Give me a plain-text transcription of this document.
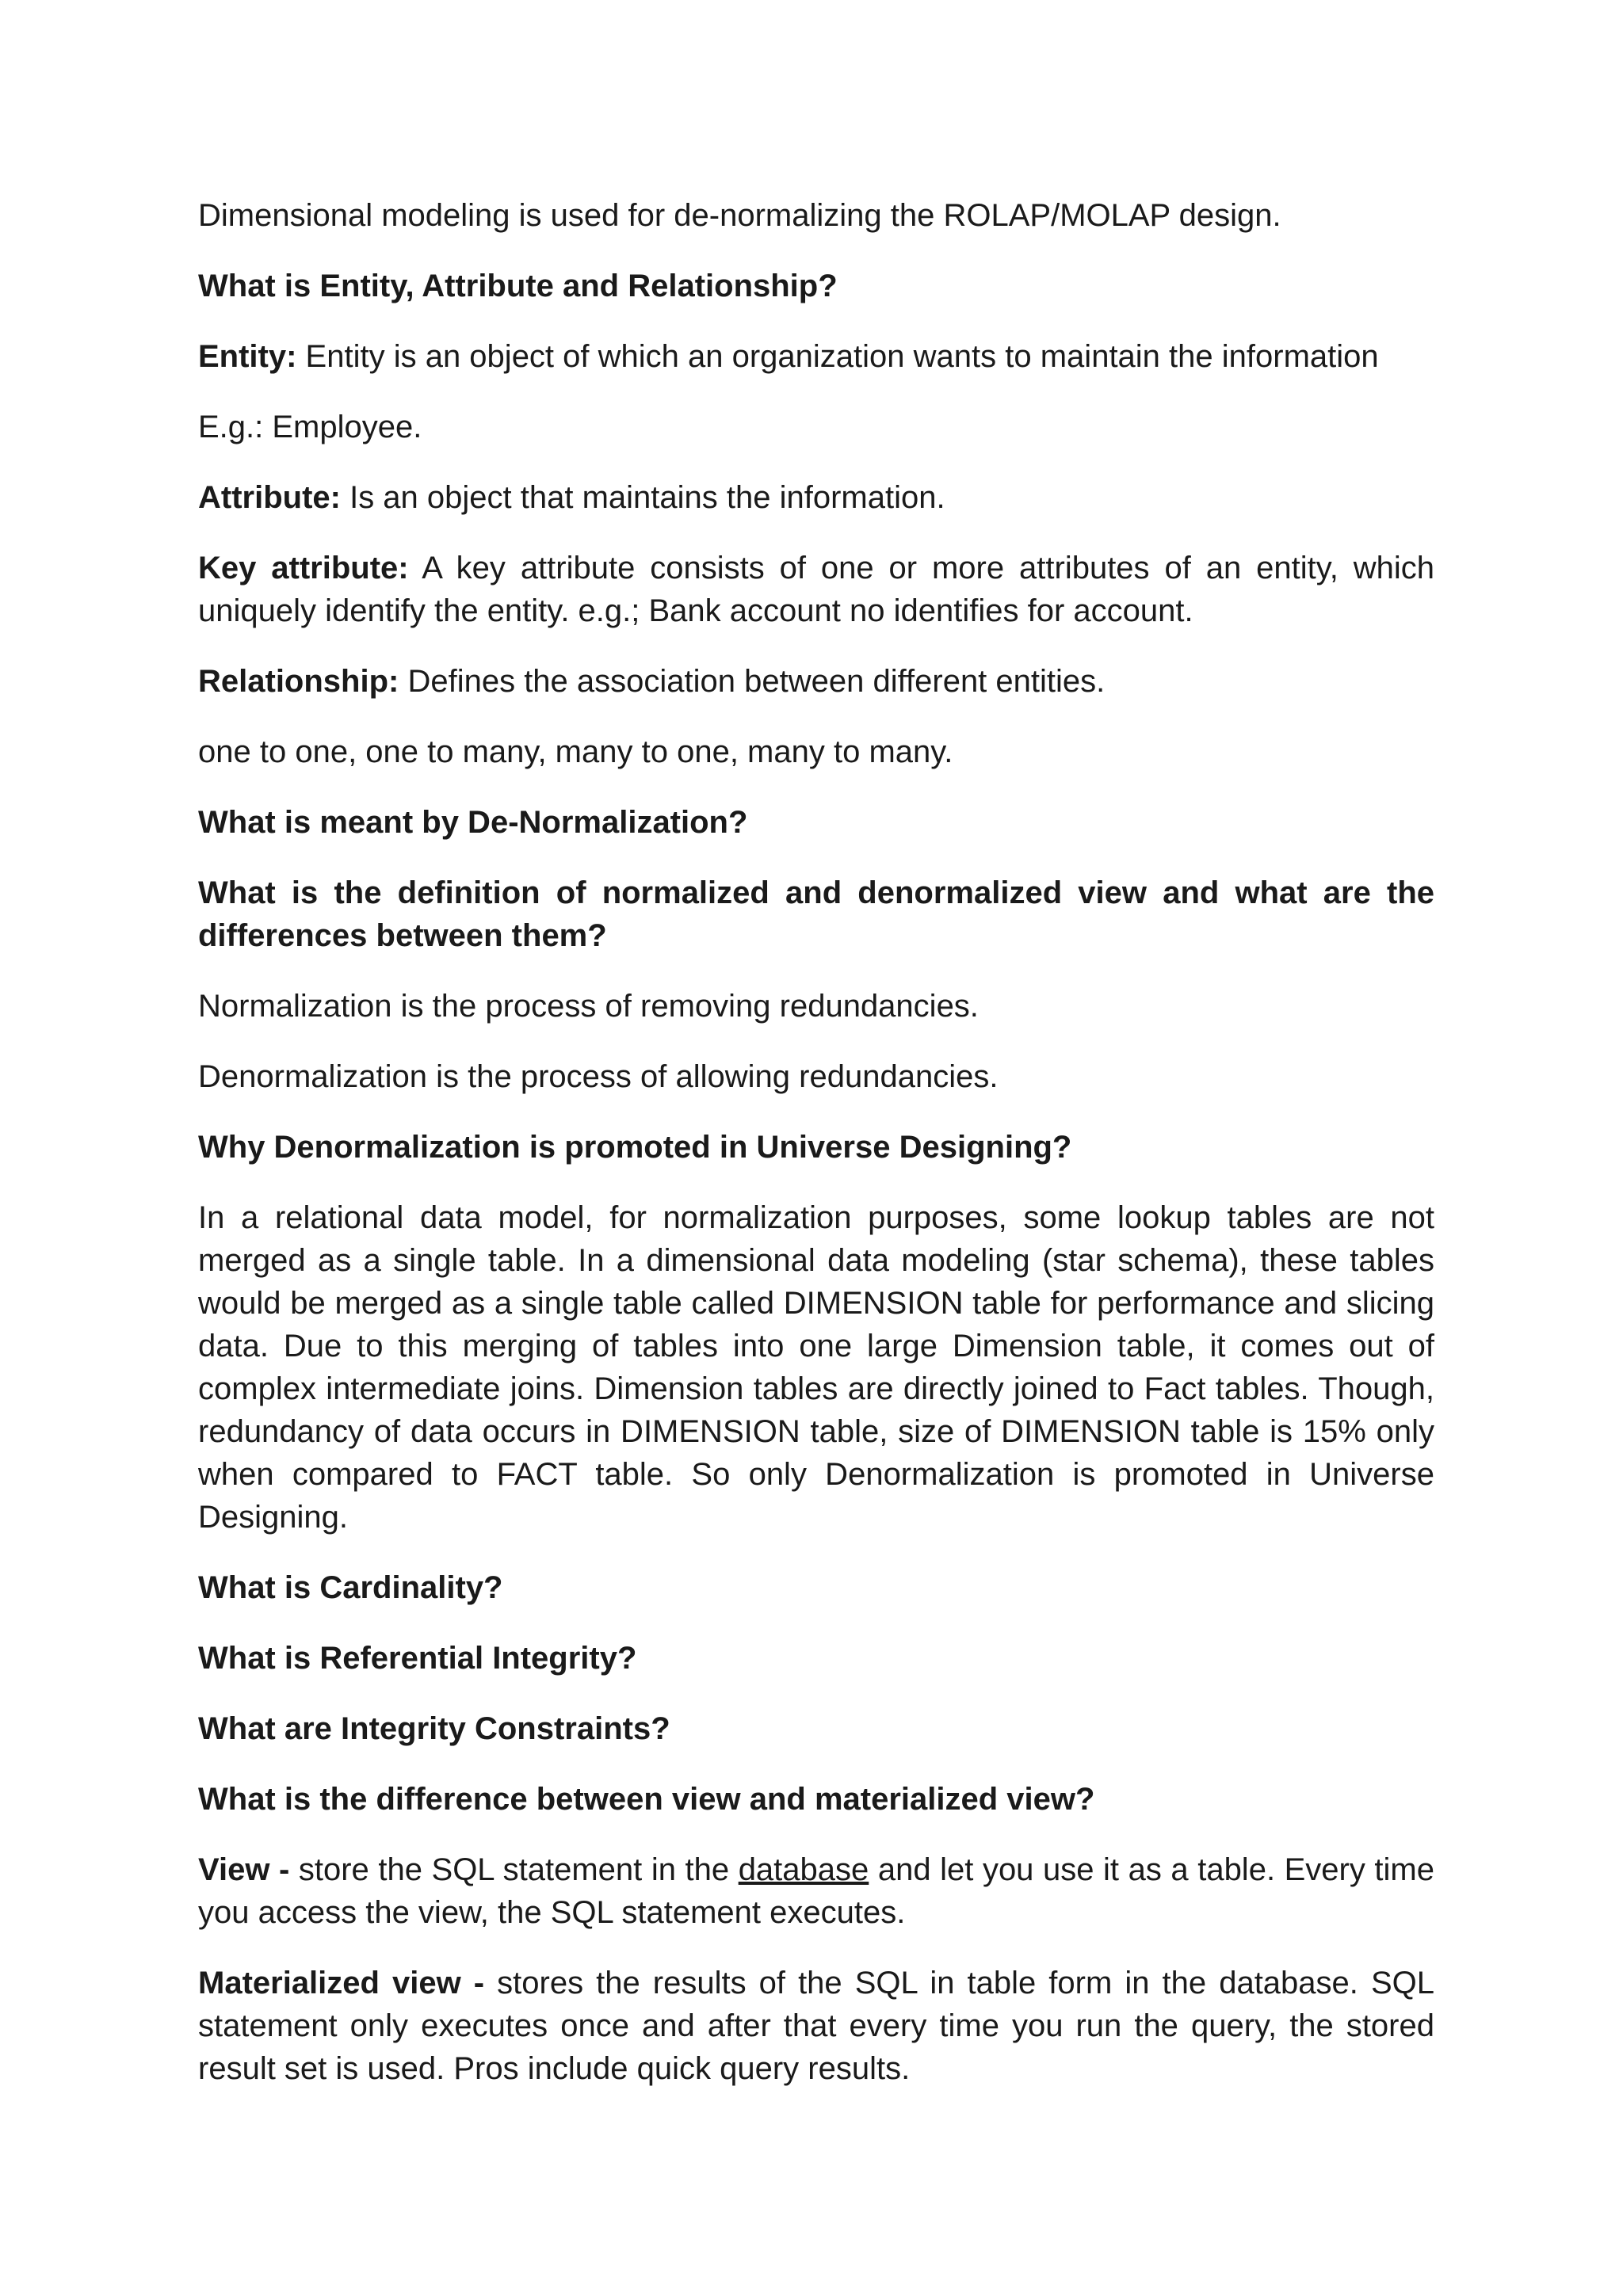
Dimensional modeling is used for de-normalizing the ROLAP/MOLAP design.

What is Entity, Attribute and Relationship?

Entity: Entity is an object of which an organization wants to maintain the information

E.g.: Employee.

Attribute: Is an object that maintains the information.

Key attribute: A key attribute consists of one or more attributes of an entity, which uniquely identify the entity. e.g.; Bank account no identifies for account.

Relationship: Defines the association between different entities.

one to one, one to many, many to one, many to many.

What is meant by De-Normalization?

What is the definition of normalized and denormalized view and what are the differences between them?

Normalization is the process of removing redundancies.

Denormalization is the process of allowing redundancies.

Why Denormalization is promoted in Universe Designing?

In a relational data model, for normalization purposes, some lookup tables are not merged as a single table. In a dimensional data modeling (star schema), these tables would be merged as a single table called DIMENSION table for performance and slicing data. Due to this merging of tables into one large Dimension table, it comes out of complex intermediate joins. Dimension tables are directly joined to Fact tables. Though, redundancy of data occurs in DIMENSION table, size of DIMENSION table is 15% only when compared to FACT table. So only Denormalization is promoted in Universe Designing.

What is Cardinality?

What is Referential Integrity?

What are Integrity Constraints?

What is the difference between view and materialized view?

View - store the SQL statement in the database and let you use it as a table. Every time you access the view, the SQL statement executes.

Materialized view - stores the results of the SQL in table form in the database. SQL statement only executes once and after that every time you run the query, the stored result set is used. Pros include quick query results.
